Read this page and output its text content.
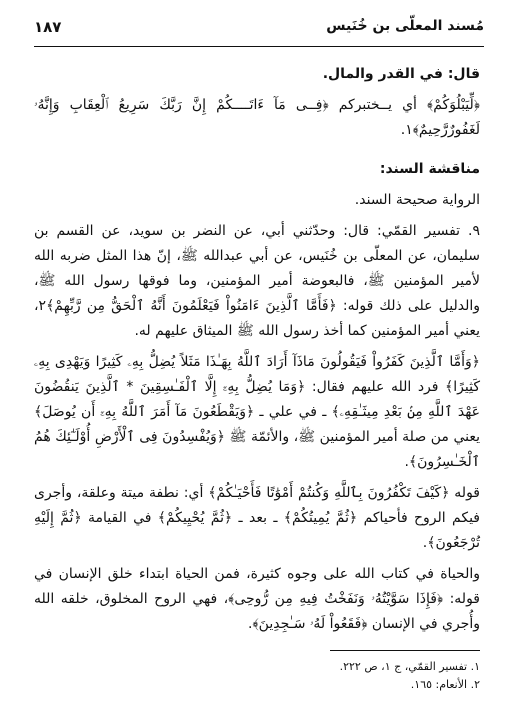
١٨٧	مُسند المعلّى بن خُنَيس

قال: في القدر والمال.

﴿لِّيَبْلُوَكُمْ﴾ أي يــختبركم ﴿فِــى مَآ ءَاتَــــكُمْ إِنَّ رَبَّكَ سَرِيعُ ٱلْعِقَابِ وَإِنَّهُۥ لَغَفُورٌرَّحِيمٌ﴾١.

مناقشة السند:

الرواية صحيحة السند.

٩. تفسير القمّي: قال: وحدّثني أبي، عن النضر بن سويد، عن القسم بن سليمان، عن المعلّى بن خُنَيس، عن أبي عبدالله ﷺ، إنّ هذا المثل ضربه الله لأمير المؤمنين ﷺ، فالبعوضة أمير المؤمنين، وما فوقها رسول الله ﷺ، والدليل على ذلك قوله: ﴿فَأَمَّا ٱلَّذِينَ ءَامَنُواْ فَيَعْلَمُونَ أَنَّهُ ٱلْحَقُّ مِن رَّبِّهِمْ﴾٢، يعني أمير المؤمنين كما أخذ رسول الله ﷺ الميثاق عليهم له.

﴿وَأَمَّا ٱلَّذِينَ كَفَرُواْ فَيَقُولُونَ مَاذَآ أَرَادَ ٱللَّهُ بِهَـٰذَا مَثَلاً يُضِلُّ بِهِۦ كَثِيرًا وَيَهْدِى بِهِۦ كَثِيرًا﴾ فرد الله عليهم فقال: ﴿وَمَا يُضِلُّ بِهِۦٓ إِلَّا ٱلْفَـٰسِقِينَ * ٱلَّذِينَ يَنقُضُونَ عَهْدَ ٱللَّهِ مِنۢ بَعْدِ مِيثَـٰقِهِۦ﴾ ـ في علي ـ ﴿وَيَقْطَعُونَ مَآ أَمَرَ ٱللَّهُ بِهِۦٓ أَن يُوصَلَ﴾ يعني من صلة أمير المؤمنين ﷺ، والأئمّة ﷺ ﴿وَيُفْسِدُونَ فِى ٱلْأَرْضِ أُوْلَـٰٓئِكَ هُمُ ٱلْخَـٰسِرُونَ﴾.

قوله ﴿كَيْفَ تَكْفُرُونَ بِٱللَّهِ وَكُنتُمْ أَمْوَٰتًا فَأَحْيَـٰكُمْ﴾ أي: نطفة ميتة وعلقة، وأجرى فيكم الروح فأحياكم ﴿ثُمَّ يُمِيتُكُمْ﴾ ـ بعد ـ ﴿ثُمَّ يُحْيِيكُمْ﴾ في القيامة ﴿ثُمَّ إِلَيْهِ تُرْجَعُونَ﴾.

والحياة في كتاب الله على وجوه كثيرة، فمن الحياة ابتداء خلق الإنسان في قوله: ﴿فَإِذَا سَوَّيْتُهُۥ وَنَفَخْتُ فِيهِ مِن رُّوحِى﴾، فهي الروح المخلوق، خلقه الله وأُجري في الإنسان ﴿فَقَعُواْ لَهُۥ سَـٰجِدِينَ﴾.

١. تفسير القمّي، ج ١، ص ٢٢٢.
٢. الأنعام: ١٦٥.
